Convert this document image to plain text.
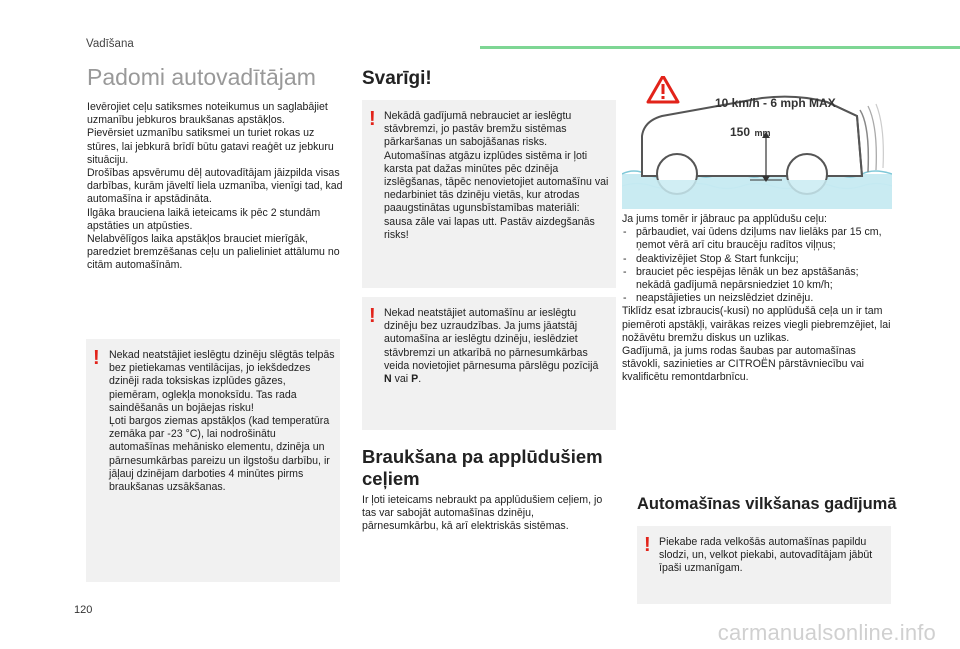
Vadīšana
Padomi autovadītājam
Ievērojiet ceļu satiksmes noteikumus un saglabājiet uzmanību jebkuros braukšanas apstākļos.
Pievērsiet uzmanību satiksmei un turiet rokas uz stūres, lai jebkurā brīdī būtu gatavi reaģēt uz jebkuru situāciju.
Drošības apsvērumu dēļ autovadītājam jāizpilda visas darbības, kurām jāveltī liela uzmanība, vienīgi tad, kad automašīna ir apstādināta.
Ilgāka brauciena laikā ieteicams ik pēc 2 stundām apstāties un atpūsties.
Nelabvēlīgos laika apstākļos brauciet mierīgāk, paredziet bremzēšanas ceļu un palieliniet attālumu no citām automašīnām.
! Nekad neatstājiet ieslēgtu dzinēju slēgtās telpās bez pietiekamas ventilācijas, jo iekšdedzes dzinēji rada toksiskas izplūdes gāzes, piemēram, oglekļa monoksīdu. Tas rada saindēšanās un bojāejas risku!
Ļoti bargos ziemas apstākļos (kad temperatūra zemāka par -23 °C), lai nodrošinātu automašīnas mehānisko elementu, dzinēja un pārnesumkārbas pareizu un ilgstošu darbību, ir jāļauj dzinējam darboties 4 minūtes pirms braukšanas uzsākšanas.
Svarīgi!
! Nekādā gadījumā nebrauciet ar ieslēgtu stāvbremzi, jo pastāv bremžu sistēmas pārkaršanas un sabojāšanas risks. Automašīnas atgāzu izplūdes sistēma ir ļoti karsta pat dažas minūtes pēc dzinēja izslēgšanas, tāpēc nenovietojiet automašīnu vai nedarbiniet tās dzinēju vietās, kur atrodas paaugstinātas ugunsbīstamības materiāli: sausa zāle vai lapas utt. Pastāv aizdegšanās risks!
! Nekad neatstājiet automašīnu ar ieslēgtu dzinēju bez uzraudzības. Ja jums jāatstāj automašīna ar ieslēgtu dzinēju, ieslēdziet stāvbremzi un atkarībā no pārnesumkārbas veida novietojiet pārnesuma pārslēgu pozīcijā N vai P.
Braukšana pa applūdušiem ceļiem
Ir ļoti ieteicams nebraukt pa applūdušiem ceļiem, jo tas var sabojāt automašīnas dzinēju, pārnesumkārbu, kā arī elektriskās sistēmas.
10 km/h - 6 mph MAX
150 mm
Ja jums tomēr ir jābrauc pa applūdušu ceļu:
- pārbaudiet, vai ūdens dziļums nav lielāks par 15 cm, ņemot vērā arī citu braucēju radītos viļņus;
- deaktivizējiet Stop & Start funkciju;
- brauciet pēc iespējas lēnāk un bez apstāšanās; nekādā gadījumā nepārsniedziet 10 km/h;
- neapstājieties un neizslēdziet dzinēju.
Tiklīdz esat izbraucis(-kusi) no applūdušā ceļa un ir tam piemēroti apstākļi, vairākas reizes viegli piebremzējiet, lai nožāvētu bremžu diskus un uzlikas.
Gadījumā, ja jums rodas šaubas par automašīnas stāvokli, sazinieties ar CITROËN pārstāvniecību vai kvalificētu remontdarbnīcu.
Automašīnas vilkšanas gadījumā
! Piekabe rada velkošās automašīnas papildu slodzi, un, velkot piekabi, autovadītājam jābūt īpaši uzmanīgam.
120
carmanualsonline.info
